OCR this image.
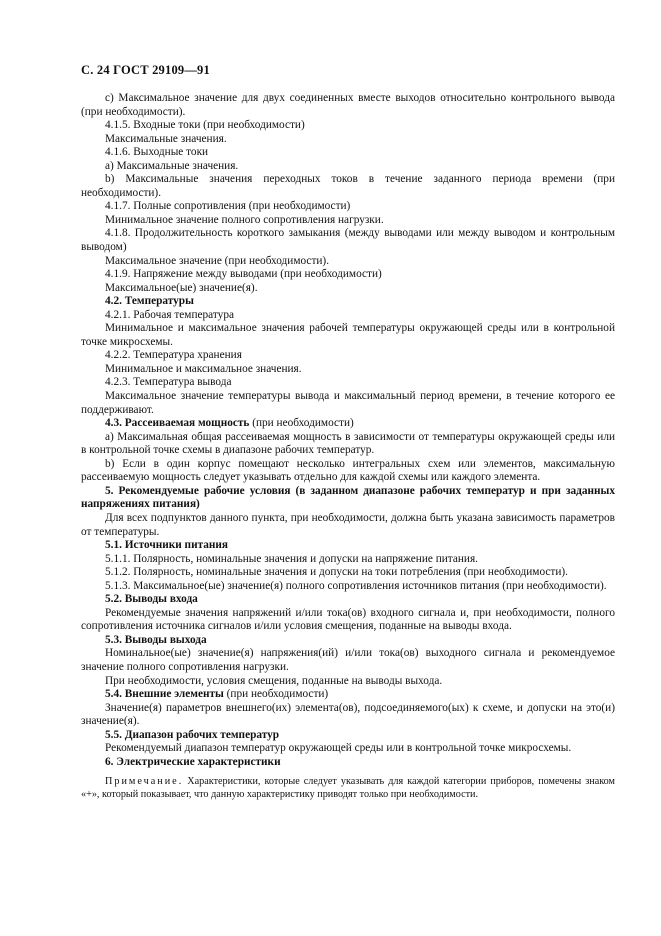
С. 24 ГОСТ 29109—91
с) Максимальное значение для двух соединенных вместе выходов относительно контрольного вывода (при необходимости).
4.1.5. Входные токи (при необходимости)
Максимальные значения.
4.1.6. Выходные токи
a) Максимальные значения.
b) Максимальные значения переходных токов в течение заданного периода времени (при необходимости).
4.1.7. Полные сопротивления (при необходимости)
Минимальное значение полного сопротивления нагрузки.
4.1.8. Продолжительность короткого замыкания (между выводами или между выводом и контрольным выводом)
Максимальное значение (при необходимости).
4.1.9. Напряжение между выводами (при необходимости)
Максимальное(ые) значение(я).
4.2. Температуры
4.2.1. Рабочая температура
Минимальное и максимальное значения рабочей температуры окружающей среды или в контрольной точке микросхемы.
4.2.2. Температура хранения
Минимальное и максимальное значения.
4.2.3. Температура вывода
Максимальное значение температуры вывода и максимальный период времени, в течение которого ее поддерживают.
4.3. Рассеиваемая мощность (при необходимости)
a) Максимальная общая рассеиваемая мощность в зависимости от температуры окружающей среды или в контрольной точке схемы в диапазоне рабочих температур.
b) Если в один корпус помещают несколько интегральных схем или элементов, максимальную рассеиваемую мощность следует указывать отдельно для каждой схемы или каждого элемента.
5. Рекомендуемые рабочие условия (в заданном диапазоне рабочих температур и при заданных напряжениях питания)
Для всех подпунктов данного пункта, при необходимости, должна быть указана зависимость параметров от температуры.
5.1. Источники питания
5.1.1. Полярность, номинальные значения и допуски на напряжение питания.
5.1.2. Полярность, номинальные значения и допуски на токи потребления (при необходимости).
5.1.3. Максимальное(ые) значение(я) полного сопротивления источников питания (при необходимости).
5.2. Выводы входа
Рекомендуемые значения напряжений и/или тока(ов) входного сигнала и, при необходимости, полного сопротивления источника сигналов и/или условия смещения, поданные на выводы входа.
5.3. Выводы выхода
Номинальное(ые) значение(я) напряжения(ий) и/или тока(ов) выходного сигнала и рекомендуемое значение полного сопротивления нагрузки.
При необходимости, условия смещения, поданные на выводы выхода.
5.4. Внешние элементы (при необходимости)
Значение(я) параметров внешнего(их) элемента(ов), подсоединяемого(ых) к схеме, и допуски на это(и) значение(я).
5.5. Диапазон рабочих температур
Рекомендуемый диапазон температур окружающей среды или в контрольной точке микросхемы.
6. Электрические характеристики
Примечание. Характеристики, которые следует указывать для каждой категории приборов, помечены знаком «+», который показывает, что данную характеристику приводят только при необходимости.
